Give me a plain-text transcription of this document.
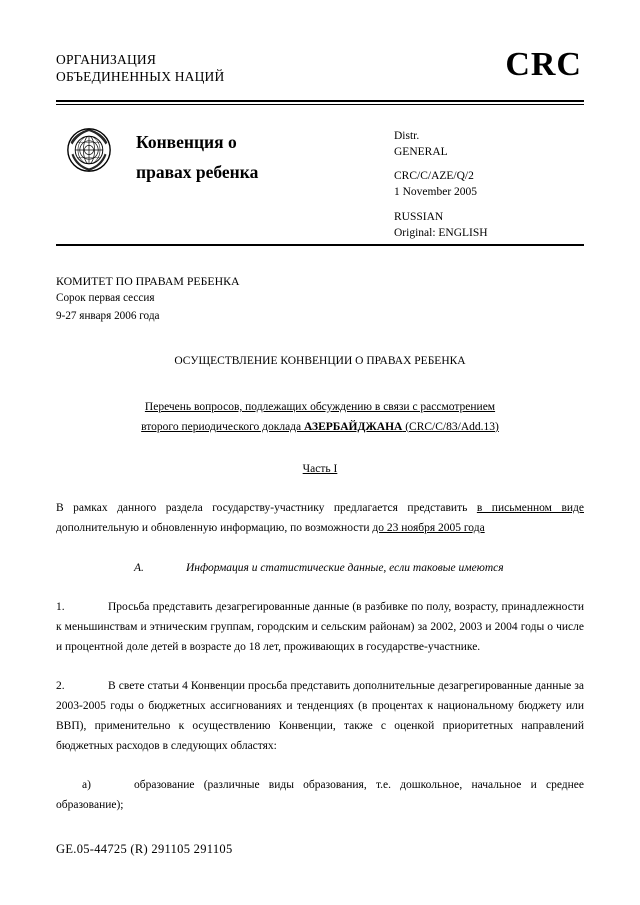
ОРГАНИЗАЦИЯ
ОБЪЕДИНЕННЫХ НАЦИЙ	CRC
Конвенция о
правах ребенка
Distr.
GENERAL
CRC/C/AZE/Q/2
1 November 2005
RUSSIAN
Original: ENGLISH
КОМИТЕТ ПО ПРАВАМ РЕБЕНКА
Сорок первая сессия
9-27 января 2006 года
ОСУЩЕСТВЛЕНИЕ КОНВЕНЦИИ О ПРАВАХ РЕБЕНКА
Перечень вопросов, подлежащих обсуждению в связи с рассмотрением
второго периодического доклада АЗЕРБАЙДЖАНА (CRC/C/83/Add.13)
Часть I
В рамках данного раздела государству-участнику предлагается представить в письменном виде дополнительную и обновленную информацию, по возможности до 23 ноября 2005 года
A.	Информация и статистические данные, если таковые имеются
1.	Просьба представить дезагрегированные данные (в разбивке по полу, возрасту, принадлежности к меньшинствам и этническим группам, городским и сельским районам) за 2002, 2003 и 2004 годы о числе и процентной доле детей в возрасте до 18 лет, проживающих в государстве-участнике.
2.	В свете статьи 4 Конвенции просьба представить дополнительные дезагрегированные данные за 2003-2005 годы о бюджетных ассигнованиях и тенденциях (в процентах к национальному бюджету или ВВП), применительно к осуществлению Конвенции, также с оценкой приоритетных направлений бюджетных расходов в следующих областях:
a)	образование (различные виды образования, т.е. дошкольное, начальное и среднее образование);
GE.05-44725 (R) 291105 291105
